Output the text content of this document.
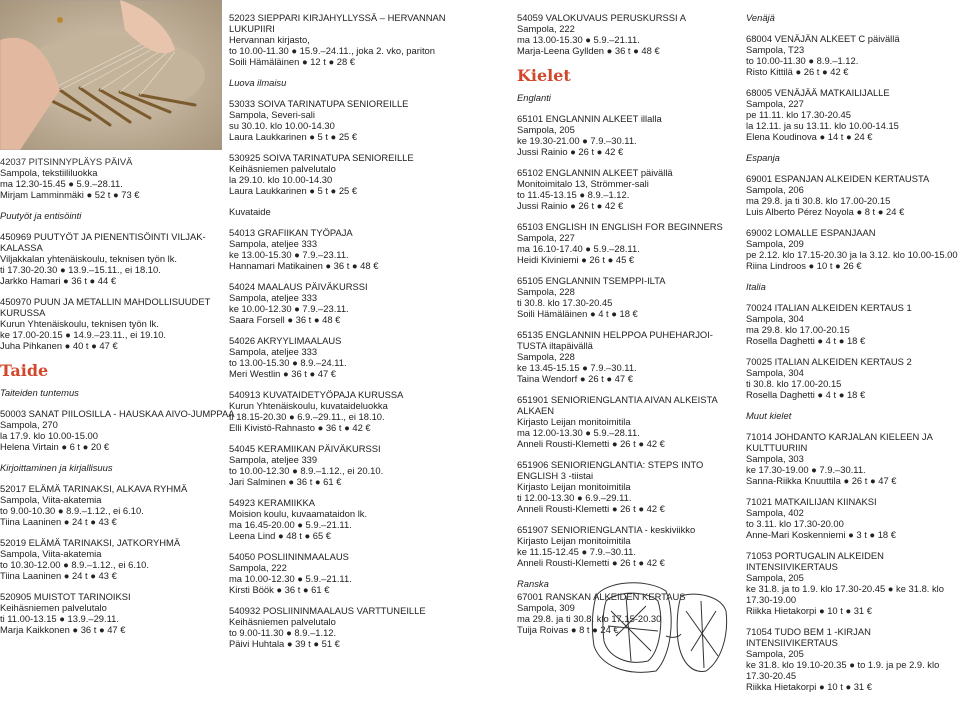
42037 PITSINNYPLÄYS PÄIVÄ
Sampola, tekstiililuokka
ma 12.30-15.45 ● 5.9.–28.11.
Mirjam Lamminmäki ● 52 t ● 73 €
Puutyöt ja entisöinti
450969 PUUTYÖT JA PIENENTISÖINTI VILJAK-KALASSA
Viljakkalan yhtenäiskoulu, teknisen työn lk.
ti 17.30-20.30 ● 13.9.–15.11., ei 18.10.
Jarkko Hamari ● 36 t ● 44 €
450970 PUUN JA METALLIN MAHDOLLISUUDET KURUSSA
Kurun Yhtenäiskoulu, teknisen työn lk.
ke 17.00-20.15 ● 14.9.–23.11., ei 19.10.
Juha Pihkanen ● 40 t ● 47 €
Taide
Taiteiden tuntemus
50003 SANAT PIILOSILLA - HAUSKAA AIVO-JUMPPAA
Sampola, 270
la 17.9. klo 10.00-15.00
Helena Virtain ● 6 t ● 20 €
Kirjoittaminen ja kirjallisuus
52017 ELÄMÄ TARINAKSI, ALKAVA RYHMÄ
Sampola, Viita-akatemia
to 9.00-10.30 ● 8.9.–1.12., ei 6.10.
Tiina Laaninen ● 24 t ● 43 €
52019 ELÄMÄ TARINAKSI, JATKORYHMÄ
Sampola, Viita-akatemia
to 10.30-12.00 ● 8.9.–1.12., ei 6.10.
Tiina Laaninen ● 24 t ● 43 €
520905 MUISTOT TARINOIKSI
Keihäsniemen palvelutalo
ti 11.00-13.15 ● 13.9.–29.11.
Marja Kaikkonen ● 36 t ● 47 €
52023 SIEPPARI KIRJAHYLLYSSÄ – HERVANNAN LUKUPIIRI
Hervannan kirjasto,
to 10.00-11.30 ● 15.9.–24.11., joka 2. vko, pariton
Soili Hämäläinen ● 12 t ● 28 €
Luova ilmaisu
53033 SOIVA TARINATUPA SENIOREILLE
Sampola, Severi-sali
su 30.10. klo 10.00-14.30
Laura Laukkarinen ● 5 t ● 25 €
530925 SOIVA TARINATUPA SENIOREILLE
Keihäsniemen palvelutalo
la 29.10. klo 10.00-14.30
Laura Laukkarinen ● 5 t ● 25 €
Kuvataide
54013 GRAFIIKAN TYÖPAJA
Sampola, ateljee 333
ke 13.00-15.30 ● 7.9.–23.11.
Hannamari Matikainen ● 36 t ● 48 €
54024 MAALAUS PÄIVÄKURSSI
Sampola, ateljee 333
ke 10.00-12.30 ● 7.9.–23.11.
Saara Forsell ● 36 t ● 48 €
54026 AKRYYLIMAALAUS
Sampola, ateljee 333
to 13.00-15.30 ● 8.9.–24.11.
Meri Westlin ● 36 t ● 47 €
540913 KUVATAIDETYÖPAJA KURUSSA
Kurun Yhtenäiskoulu, kuvataideluokka
ti 18.15-20.30 ● 6.9.–29.11., ei 18.10.
Elli Kivistö-Rahnasto ● 36 t ● 42 €
54045 KERAMIIKAN PÄIVÄKURSSI
Sampola, ateljee 339
to 10.00-12.30 ● 8.9.–1.12., ei 20.10.
Jari Salminen ● 36 t ● 61 €
54923 KERAMIIKKA
Moision koulu, kuvaamataidon lk.
ma 16.45-20.00 ● 5.9.–21.11.
Leena Lind ● 48 t ● 65 €
54050 POSLIININMAALAUS
Sampola, 222
ma 10.00-12.30 ● 5.9.–21.11.
Kirsti Böök ● 36 t ● 61 €
540932 POSLIININMAALAUS VARTTUNEILLE
Keihäsniemen palvelutalo
to 9.00-11.30 ● 8.9.–1.12.
Päivi Huhtala ● 39 t ● 51 €
54059 VALOKUVAUS PERUSKURSSI A
Sampola, 222
ma 13.00-15.30 ● 5.9.–21.11.
Marja-Leena Gyllden ● 36 t ● 48 €
Kielet
Englanti
65101 ENGLANNIN ALKEET illalla
Sampola, 205
ke 19.30-21.00 ● 7.9.–30.11.
Jussi Rainio ● 26 t ● 42 €
65102 ENGLANNIN ALKEET päivällä
Monitoimitalo 13, Strömmer-sali
to 11.45-13.15 ● 8.9.–1.12.
Jussi Rainio ● 26 t ● 42 €
65103 ENGLISH IN ENGLISH FOR BEGINNERS
Sampola, 227
ma 16.10-17.40 ● 5.9.–28.11.
Heidi Kiviniemi ● 26 t ● 45 €
65105 ENGLANNIN TSEMPPI-ILTA
Sampola, 228
ti 30.8. klo 17.30-20.45
Soili Hämäläinen ● 4 t ● 18 €
65135 ENGLANNIN HELPPOA PUHEHARJOI-TUSTA iltapäivällä
Sampola, 228
ke 13.45-15.15 ● 7.9.–30.11.
Taina Wendorf ● 26 t ● 47 €
651901 SENIORIENGLANTIA AIVAN ALKEISTA ALKAEN
Kirjasto Leijan monitoimitila
ma 12.00-13.30 ● 5.9.–28.11.
Anneli Rousti-Klemetti ● 26 t ● 42 €
651906 SENIORIENGLANTIA: STEPS INTO ENGLISH 3 -tiistai
Kirjasto Leijan monitoimitila
ti 12.00-13.30 ● 6.9.–29.11.
Anneli Rousti-Klemetti ● 26 t ● 42 €
651907 SENIORIENGLANTIA - keskiviikko
Kirjasto Leijan monitoimitila
ke 11.15-12.45 ● 7.9.–30.11.
Anneli Rousti-Klemetti ● 26 t ● 42 €
Ranska
67001 RANSKAN ALKEIDEN KERTAUS
Sampola, 309
ma 29.8. ja ti 30.8. klo 17.15-20.30
Tuija Roivas ● 8 t ● 24 €
Venäjä
68004 VENÄJÄN ALKEET C päivällä
Sampola, T23
to 10.00-11.30 ● 8.9.–1.12.
Risto Kittilä ● 26 t ● 42 €
68005 VENÄJÄÄ MATKAILIJALLE
Sampola, 227
pe 11.11. klo 17.30-20.45
la 12.11. ja su 13.11. klo 10.00-14.15
Elena Koudinova ● 14 t ● 24 €
Espanja
69001 ESPANJAN ALKEIDEN KERTAUSTA
Sampola, 206
ma 29.8. ja ti 30.8. klo 17.00-20.15
Luis Alberto Pérez Noyola ● 8 t ● 24 €
69002 LOMALLE ESPANJAAN
Sampola, 209
pe 2.12. klo 17.15-20.30 ja la 3.12. klo 10.00-15.00
Riina Lindroos ● 10 t ● 26 €
Italia
70024 ITALIAN ALKEIDEN KERTAUS 1
Sampola, 304
ma 29.8. klo 17.00-20.15
Rosella Daghetti ● 4 t ● 18 €
70025 ITALIAN ALKEIDEN KERTAUS 2
Sampola, 304
ti 30.8. klo 17.00-20.15
Rosella Daghetti ● 4 t ● 18 €
Muut kielet
71014 JOHDANTO KARJALAN KIELEEN JA KULTTUURIIN
Sampola, 303
ke 17.30-19.00 ● 7.9.–30.11.
Sanna-Riikka Knuuttila ● 26 t ● 47 €
71021 MATKAILIJAN KIINAKSI
Sampola, 402
to 3.11. klo 17.30-20.00
Anne-Mari Koskenniemi ● 3 t ● 18 €
71053 PORTUGALIN ALKEIDEN INTENSIIVIKERTAUS
Sampola, 205
ke 31.8. ja to 1.9. klo 17.30-20.45 ● ke 31.8. klo 17.30-19.00
Riikka Hietakorpi ● 10 t ● 31 €
71054 TUDO BEM 1 -KIRJAN INTENSIIVIKERTAUS
Sampola, 205
ke 31.8. klo 19.10-20.35 ● to 1.9. ja pe 2.9. klo 17.30-20.45
Riikka Hietakorpi ● 10 t ● 31 €
